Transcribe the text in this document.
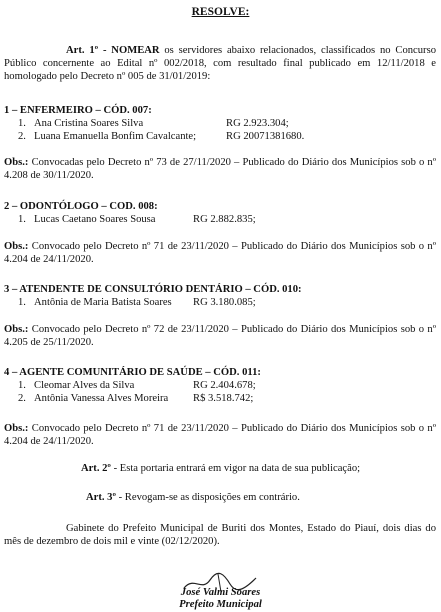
RESOLVE:
Art. 1º - NOMEAR os servidores abaixo relacionados, classificados no Concurso Público concernente ao Edital nº 002/2018, com resultado final publicado em 12/11/2018 e homologado pelo Decreto nº 005 de 31/01/2019:
1 – ENFERMEIRO – CÓD. 007:
1. Ana Cristina Soares Silva	RG 2.923.304;
2. Luana Emanuella Bonfim Cavalcante;	RG 20071381680.
Obs.: Convocadas pelo Decreto nº 73 de 27/11/2020 – Publicado do Diário dos Municípios sob o nº 4.208 de 30/11/2020.
2 – ODONTÓLOGO – COD. 008:
1. Lucas Caetano Soares Sousa	RG 2.882.835;
Obs.: Convocado pelo Decreto nº 71 de 23/11/2020 – Publicado do Diário dos Municípios sob o nº 4.204 de 24/11/2020.
3 – ATENDENTE DE CONSULTÓRIO DENTÁRIO – CÓD. 010:
1. Antônia de Maria Batista Soares RG 3.180.085;
Obs.: Convocado pelo Decreto nº 72 de 23/11/2020 – Publicado do Diário dos Municípios sob o nº 4.205 de 25/11/2020.
4 – AGENTE COMUNITÁRIO DE SAÚDE – CÓD. 011:
1. Cleomar Alves da Silva	RG 2.404.678;
2. Antônia Vanessa Alves Moreira R$ 3.518.742;
Obs.: Convocado pelo Decreto nº 71 de 23/11/2020 – Publicado do Diário dos Municípios sob o nº 4.204 de 24/11/2020.
Art. 2º - Esta portaria entrará em vigor na data de sua publicação;
Art. 3º - Revogam-se as disposições em contrário.
Gabinete do Prefeito Municipal de Buriti dos Montes, Estado do Piauí, dois dias do mês de dezembro de dois mil e vinte (02/12/2020).
José Valmi Soares
Prefeito Municipal
